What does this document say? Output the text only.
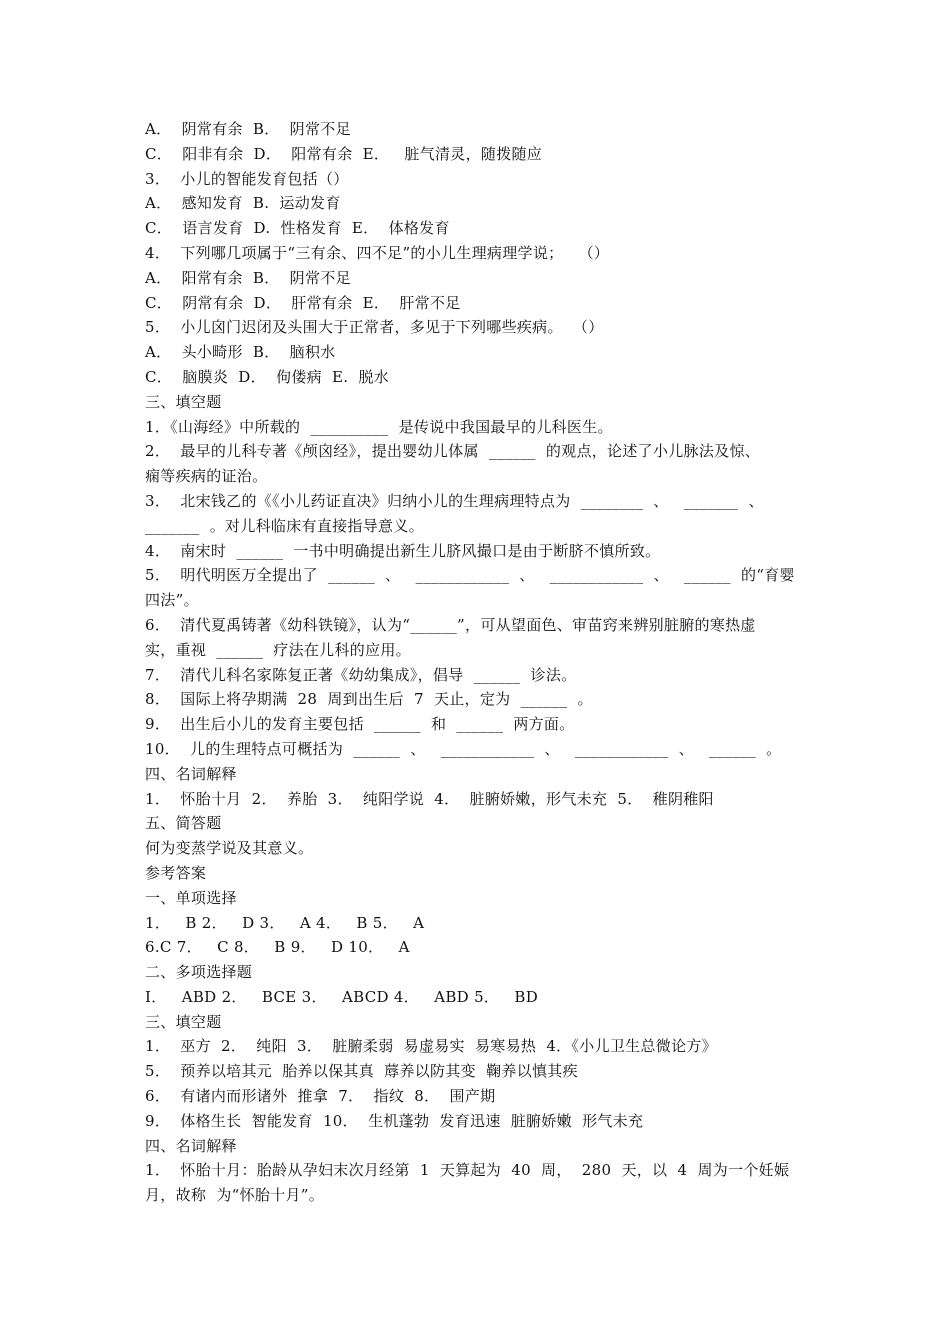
A．  阴常有余  B．  阴常不足
C．  阳非有余  D．  阳常有余  E．   脏气清灵，随拨随应
3．  小儿的智能发育包括（）
A．  感知发育  B.  运动发育
C．  语言发育  D.  性格发育  E．  体格发育
4．  下列哪几项属于“三有余、四不足”的小儿生理病理学说；   （）
A．  阳常有余  B．  阴常不足
C．  阴常有余  D．  肝常有余  E．  肝常不足
5．  小儿囟门迟闭及头围大于正常者，多见于下列哪些疾病。  （）
A．  头小畸形  B．  脑积水
C．  脑膜炎  D．  佝偻病  E.  脱水
三、填空题
1．《山海经》中所载的  __________  是传说中我国最早的儿科医生。
2．  最早的儿科专著《颅囟经》，提出婴幼儿体属  ______  的观点，论述了小儿脉法及惊、
痫等疾病的证治。
3．  北宋钱乙的《《小儿药证直决》归纳小儿的生理病理特点为  ________  、   _______  、
_______  。对儿科临床有直接指导意义。
4．  南宋时  ______  一书中明确提出新生儿脐风撮口是由于断脐不慎所致。
5．  明代明医万全提出了  ______  、   ____________  、   ____________  、   ______  的“育婴
四法”。
6．  清代夏禹铸著《幼科铁镜》，认为“______”，可从望面色、审苗窍来辨别脏腑的寒热虚
实，重视  ______  疗法在儿科的应用。
7．  清代儿科名家陈复正著《幼幼集成》，倡导  ______  诊法。
8．  国际上将孕期满  28  周到出生后  7  天止，定为  ______  。
9．  出生后小儿的发育主要包括  ______  和  ______  两方面。
10．  儿的生理特点可概括为  ______  、   ____________  、   ____________  、   ______  。
四、名词解释
1．  怀胎十月  2．  养胎  3．  纯阳学说  4．  脏腑娇嫩，形气未充  5．  稚阴稚阳
五、简答题
何为变蒸学说及其意义。
参考答案
一、单项选择
1．   B 2．   D 3．   A 4．   B 5．   A
6.C 7．   C 8．   B 9．   D 10．   A
二、多项选择题
I．   ABD 2．   BCE 3．   ABCD 4．   ABD 5．   BD
三、填空题
1．  巫方  2．  纯阳  3．  脏腑柔弱  易虚易实  易寒易热  4．《小儿卫生总微论方》
5．  预养以培其元  胎养以保其真  蓐养以防其变  鞠养以慎其疾
6．  有诸内而形诸外  推拿  7．  指纹  8．  围产期
9．  体格生长  智能发育  10．  生机蓬勃  发育迅速  脏腑娇嫩  形气未充
四、名词解释
1．  怀胎十月：胎龄从孕妇末次月经第  1  天算起为  40  周，  280  天，以  4  周为一个妊娠
月，故称  为“怀胎十月”。
